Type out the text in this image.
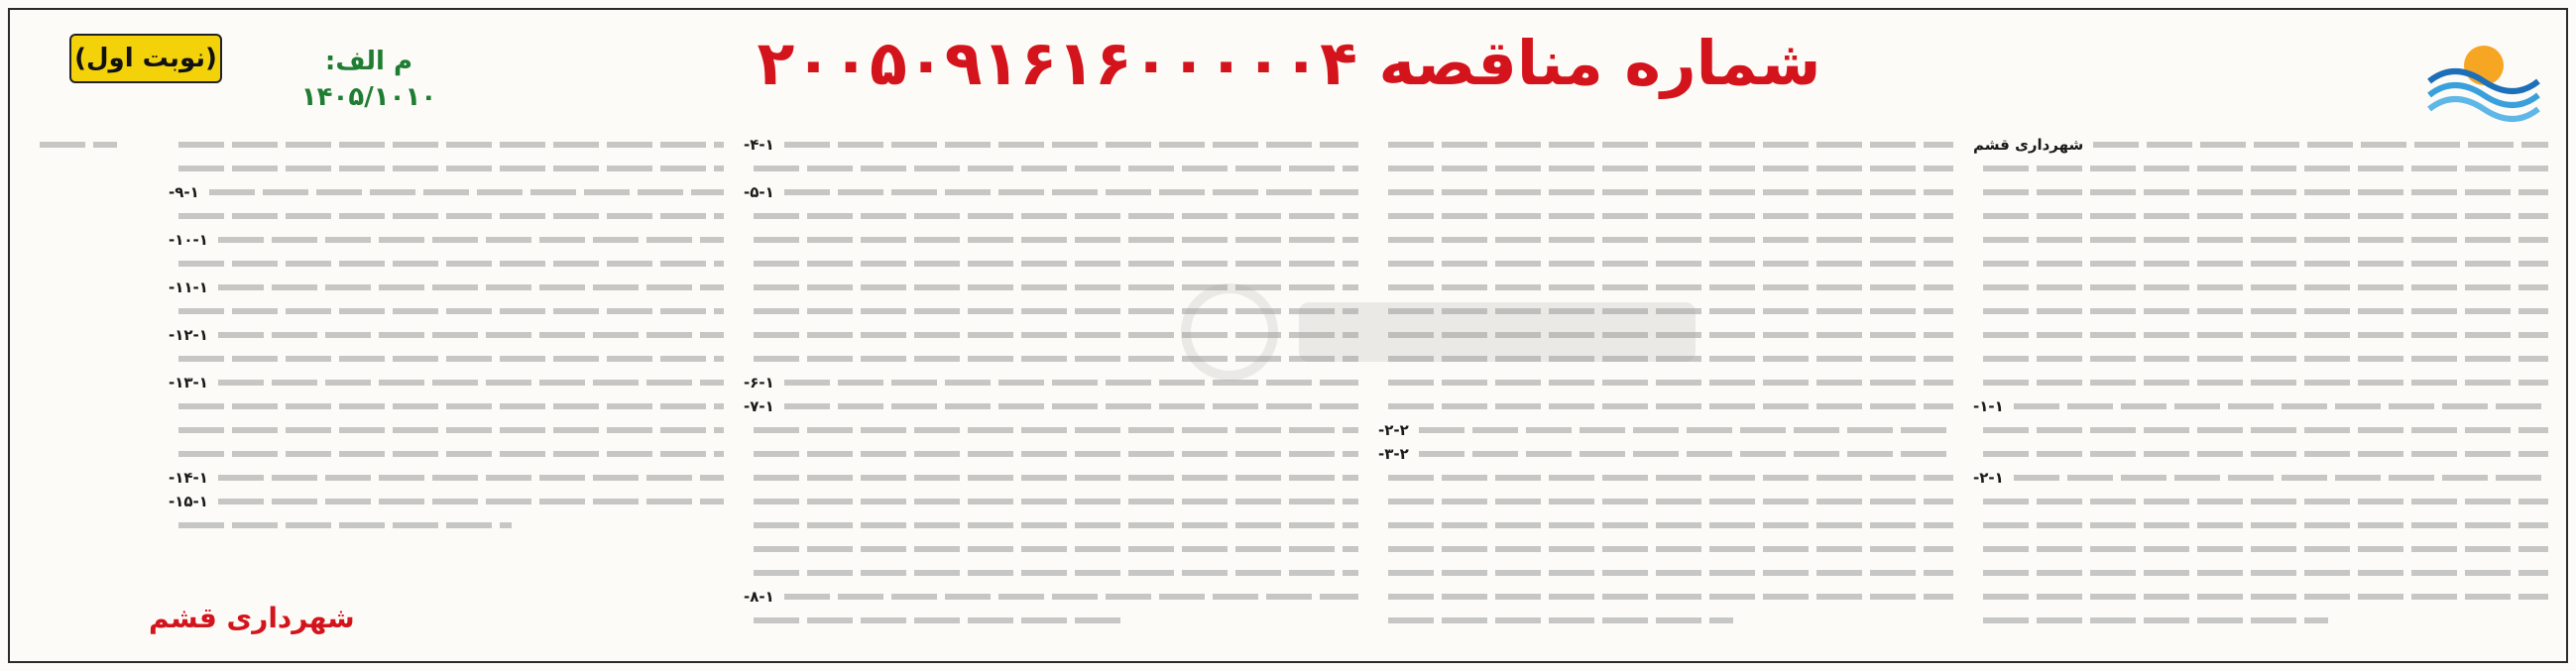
(نوبت اول)	م الف: ۱۴۰۵/۱۰۱۰	شماره مناقصه ۲۰۰۵۰۹۱۶۱۶۰۰۰۰۰۴
شهرداری قشم
۱-۱-
۲-۱-
۲-۲-
۳-۲-
۴-۱-
۵-۱-
۶-۱-
۷-۱-
۸-۱-
۹-۱-
۱۰-۱-
۱۱-۱-
۱۲-۱-
۱۳-۱-
۱۴-۱-
۱۵-۱-
شهرداری قشم
